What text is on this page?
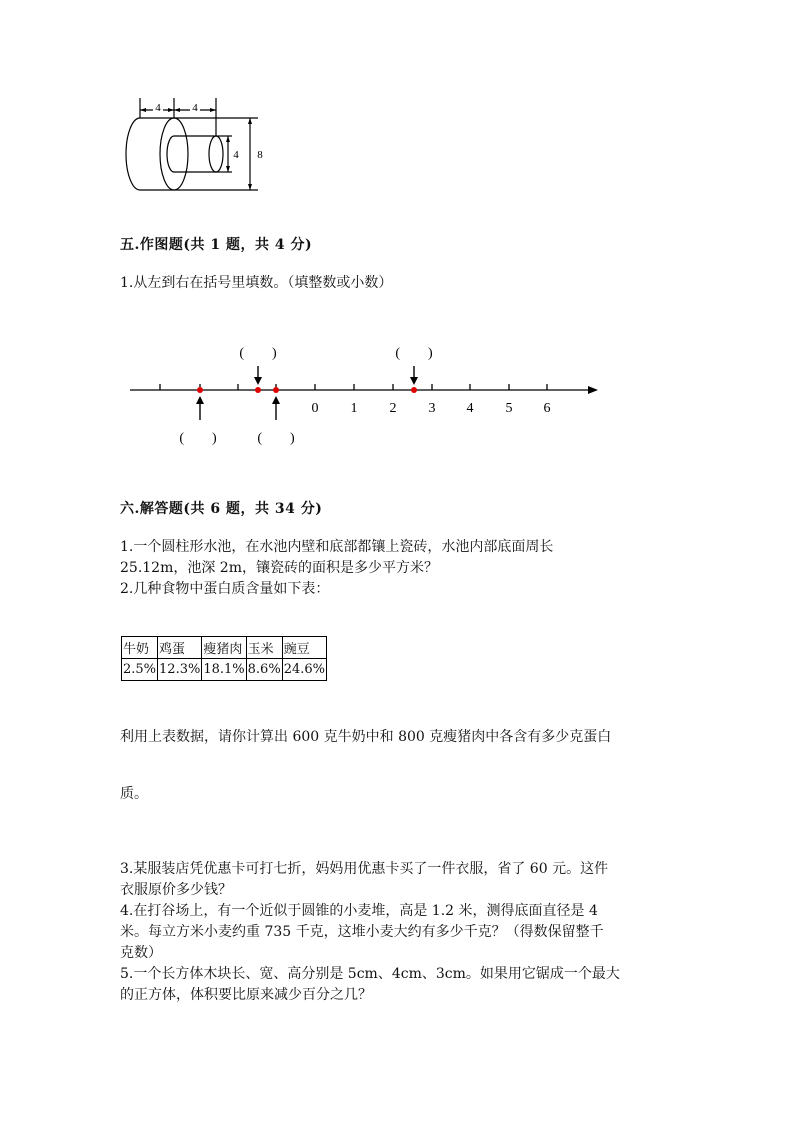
4	4
4 8
五.作图题(共 1 题，共 4 分)
1.从左到右在括号里填数。（填整数或小数）
0 1 2 3 4 5 6
(　　)	(　　)
(　　)	(　　)
六.解答题(共 6 题，共 34 分)
1.一个圆柱形水池，在水池内壁和底部都镶上瓷砖，水池内部底面周长
25.12m，池深 2m，镶瓷砖的面积是多少平方米？
2.几种食物中蛋白质含量如下表：
牛奶	鸡蛋	瘦猪肉	玉米	豌豆
2.5%	12.3%	18.1%	8.6%	24.6%
利用上表数据，请你计算出 600 克牛奶中和 800 克瘦猪肉中各含有多少克蛋白
质。
3.某服装店凭优惠卡可打七折，妈妈用优惠卡买了一件衣服，省了 60 元。这件
衣服原价多少钱？
4.在打谷场上，有一个近似于圆锥的小麦堆，高是 1.2 米，测得底面直径是 4
米。每立方米小麦约重 735 千克，这堆小麦大约有多少千克？（得数保留整千
克数）
5.一个长方体木块长、宽、高分别是 5cm、4cm、3cm。如果用它锯成一个最大
的正方体，体积要比原来减少百分之几？
